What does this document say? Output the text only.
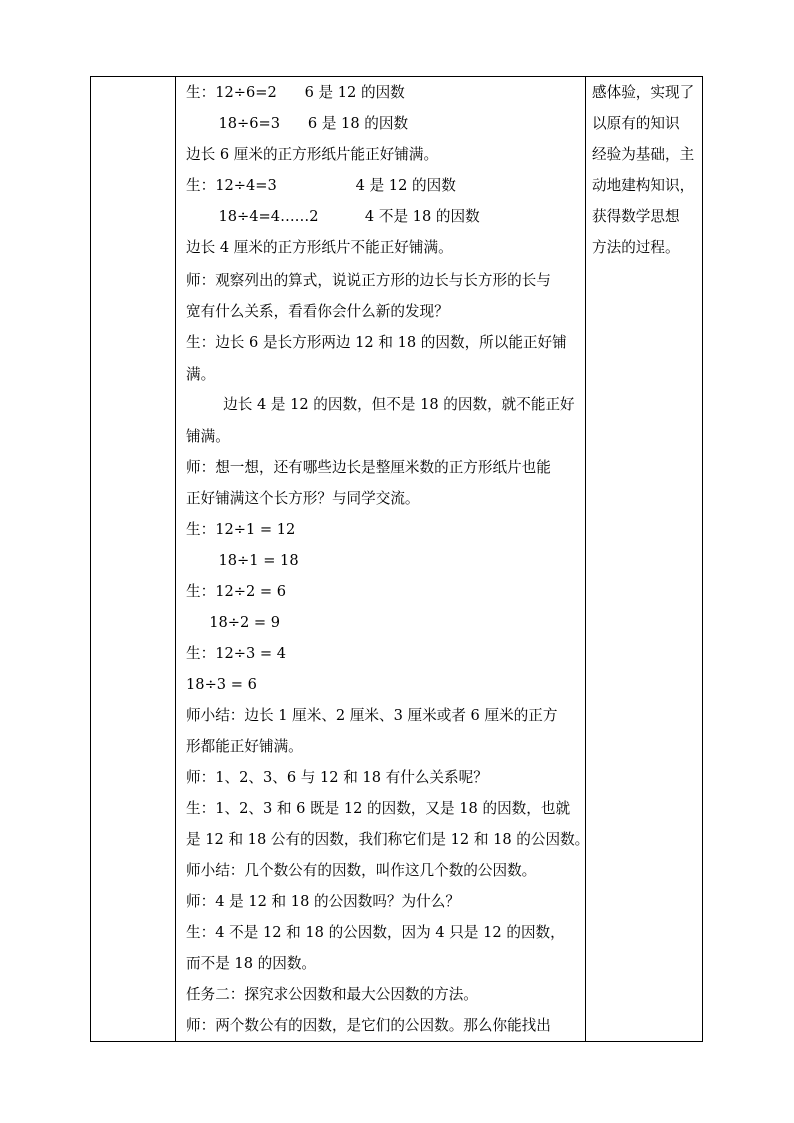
生：12÷6=2      6 是 12 的因数
18÷6=3      6 是 18 的因数
边长 6 厘米的正方形纸片能正好铺满。
生：12÷4=3                 4 是 12 的因数
18÷4=4……2          4 不是 18 的因数
边长 4 厘米的正方形纸片不能正好铺满。
师：观察列出的算式，说说正方形的边长与长方形的长与
宽有什么关系，看看你会什么新的发现？
生：边长 6 是长方形两边 12 和 18 的因数，所以能正好铺
满。
边长 4 是 12 的因数，但不是 18 的因数，就不能正好
铺满。
师：想一想，还有哪些边长是整厘米数的正方形纸片也能
正好铺满这个长方形？与同学交流。
生：12÷1 = 12
18÷1 = 18
生：12÷2 = 6
18÷2 = 9
生：12÷3 = 4
18÷3 = 6
师小结：边长 1 厘米、2 厘米、3 厘米或者 6 厘米的正方
形都能正好铺满。
师：1、2、3、6 与 12 和 18 有什么关系呢？
生：1、2、3 和 6 既是 12 的因数，又是 18 的因数，也就
是 12 和 18 公有的因数，我们称它们是 12 和 18 的公因数。
师小结：几个数公有的因数，叫作这几个数的公因数。
师：4 是 12 和 18 的公因数吗？为什么？
生：4 不是 12 和 18 的公因数，因为 4 只是 12 的因数，
而不是 18 的因数。
任务二：探究求公因数和最大公因数的方法。
师：两个数公有的因数，是它们的公因数。那么你能找出
感体验，实现了
以原有的知识
经验为基础，主
动地建构知识，
获得数学思想
方法的过程。
